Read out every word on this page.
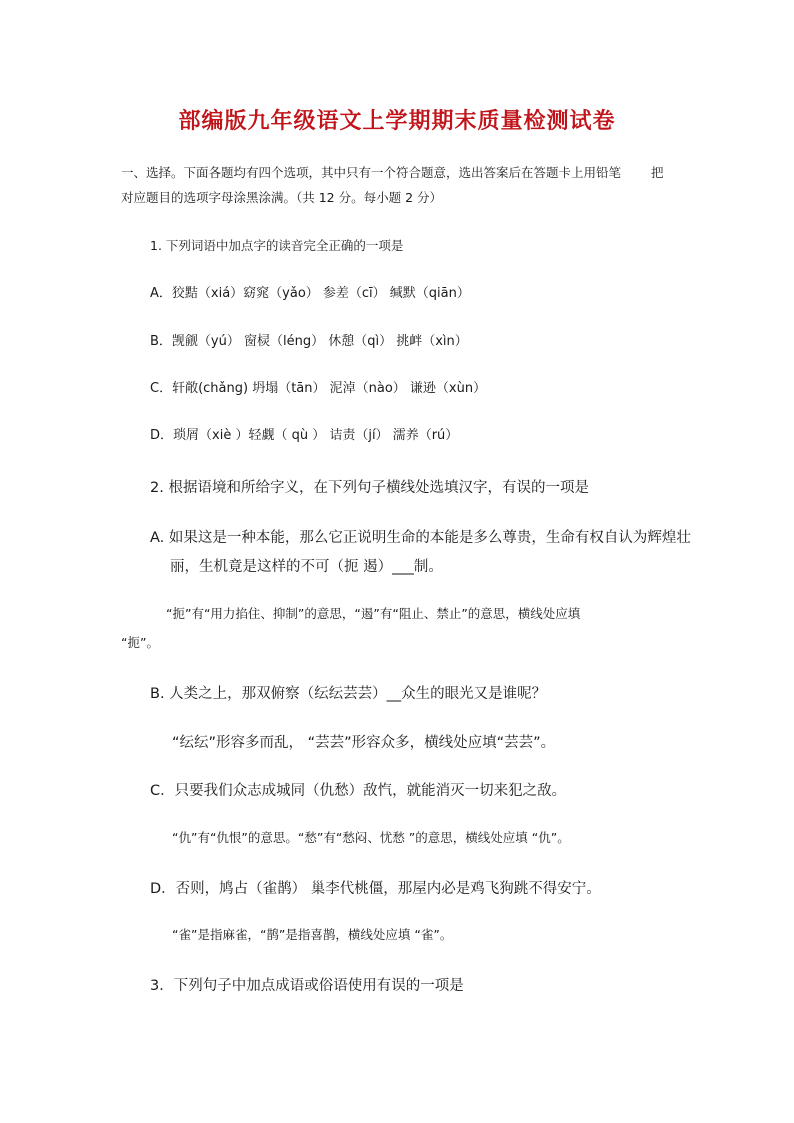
部编版九年级语文上学期期末质量检测试卷
一、选择。下面各题均有四个选项，其中只有一个符合题意，选出答案后在答题卡上用铅笔 把
对应题目的选项字母涂黑涂满。（共 12 分。每小题 2 分）
1. 下列词语中加点字的读音完全正确的一项是
A．狡黠（xiá）窈窕（yǎo） 参差（cī） 缄默（qiān）
B．觊觎（yú） 窗棂（léng） 休憩（qì） 挑衅（xìn）
C．轩敞(chǎng) 坍塌（tān） 泥淖（nào） 谦逊（xùn）
D．琐屑（xiè ）轻觑（ qù ） 诘责（jí） 濡养（rú）
2. 根据语境和所给字义，在下列句子横线处选填汉字，有误的一项是
A. 如果这是一种本能，那么它正说明生命的本能是多么尊贵，生命有权自认为辉煌壮
丽，生机竟是这样的不可（扼 遏）___制。
“扼”有“用力掐住、抑制”的意思，“遏”有“阻止、禁止”的意思，横线处应填
“扼”。
B. 人类之上，那双俯察（纭纭芸芸）__众生的眼光又是谁呢？
“纭纭”形容多而乱， “芸芸”形容众多，横线处应填“芸芸”。
C．只要我们众志成城同（仇愁）敌忾，就能消灭一切来犯之敌。
“仇”有“仇恨”的意思。“愁”有“愁闷、忧愁 ”的意思，横线处应填 “仇”。
D．否则，鸠占（雀鹊） 巢李代桃僵，那屋内必是鸡飞狗跳不得安宁。
“雀”是指麻雀，“鹊”是指喜鹊，横线处应填 “雀”。
3．下列句子中加点成语或俗语使用有误的一项是
